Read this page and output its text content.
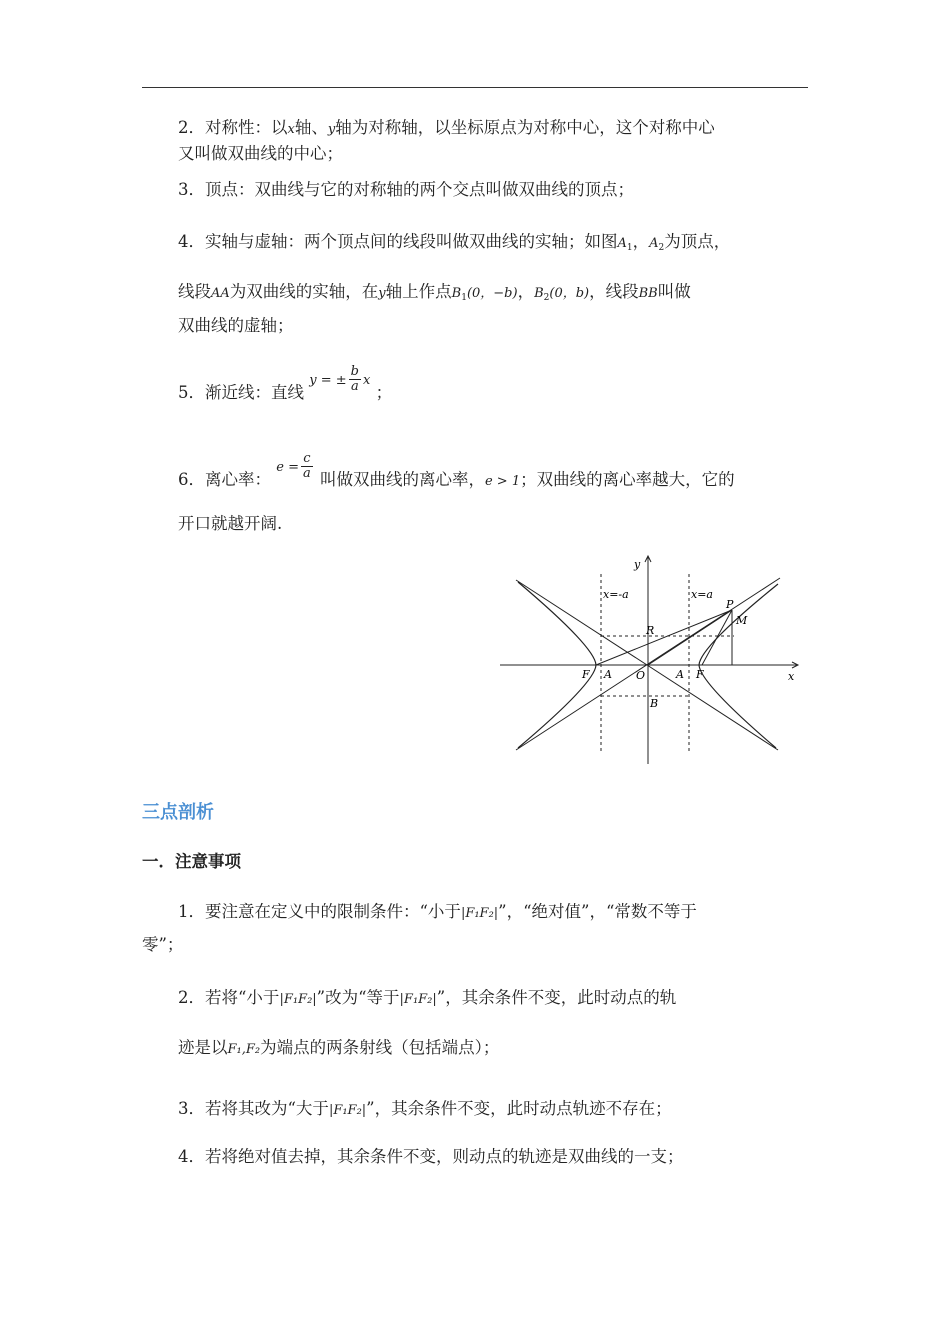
2．对称性：以x轴、y轴为对称轴，以坐标原点为对称中心，这个对称中心
又叫做双曲线的中心；
3．顶点：双曲线与它的对称轴的两个交点叫做双曲线的顶点；
4．实轴与虚轴：两个顶点间的线段叫做双曲线的实轴；如图$A_1$，$A_2$为顶点，
线段AA为双曲线的实轴，在y轴上作点$B_1(0$，−b)，$B_2(0$，b)，线段BB叫做
双曲线的虚轴；
5．渐近线：直线 y = ± $\frac{b}{a}$ x ；
6．离心率： $e = \frac{c}{a}$ 叫做双曲线的离心率，e > 1；双曲线的离心率越大，它的
开口就越开阔.
y
x
x=-a	x=a
P
M
R
F A O	A F
B
三点剖析
一．注意事项
1．要注意在定义中的限制条件：“小于|F₁F₂|”，“绝对值”，“常数不等于
零”；
2．若将“小于|F₁F₂|”改为“等于|F₁F₂|”，其余条件不变，此时动点的轨
迹是以F₁,F₂为端点的两条射线（包括端点）；
3．若将其改为“大于|F₁F₂|”，其余条件不变，此时动点轨迹不存在；
4．若将绝对值去掉，其余条件不变，则动点的轨迹是双曲线的一支；
